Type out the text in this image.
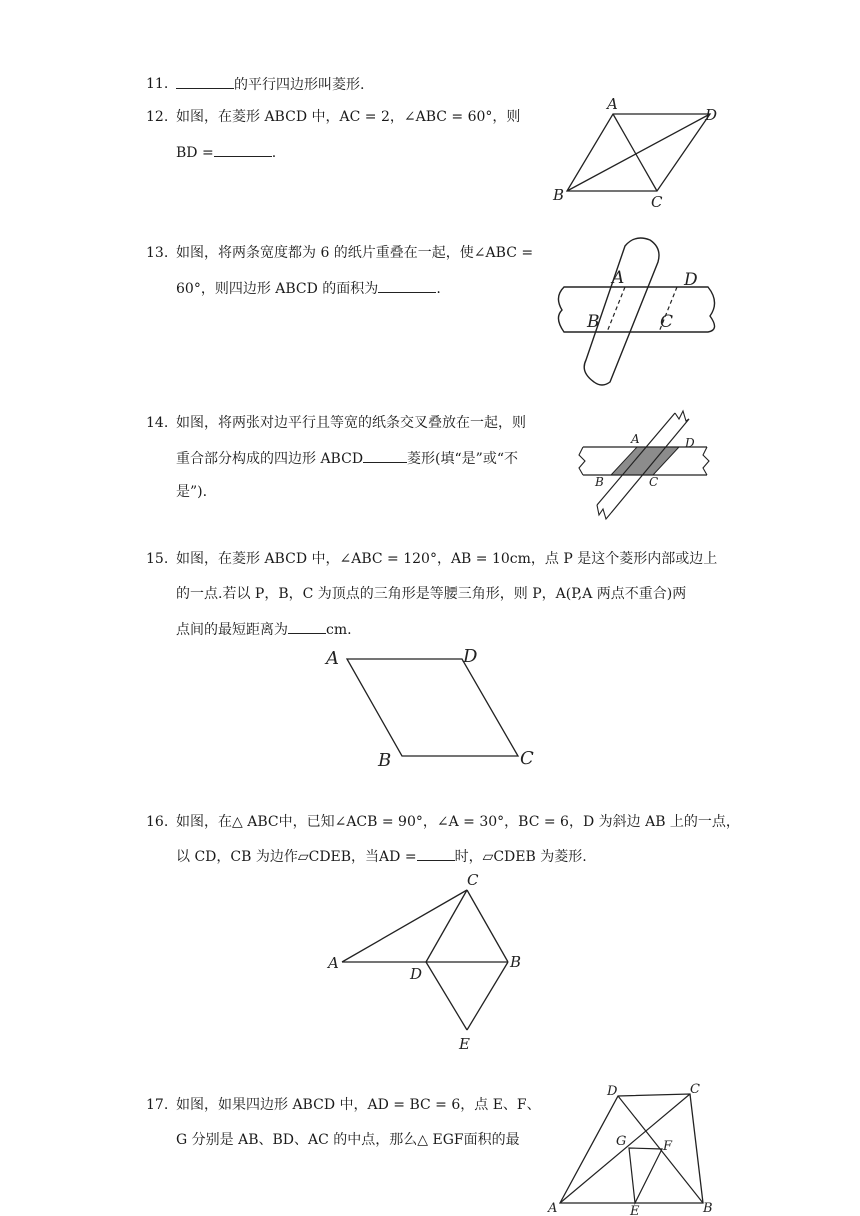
11.	的平行四边形叫菱形.
12. 如图，在菱形 ABCD 中，AC = 2，∠ABC = 60°，则
BD =	.
A
D
B	C
13. 如图，将两条宽度都为 6 的纸片重叠在一起，使∠ABC =
60°，则四边形 ABCD 的面积为	.
A	D
B	C
14. 如图，将两张对边平行且等宽的纸条交叉叠放在一起，则
重合部分构成的四边形 ABCD	菱形(填“是”或“不
是”).
A	D
B	C
15. 如图，在菱形 ABCD 中，∠ABC = 120°，AB = 10cm，点 P 是这个菱形内部或边上
的一点.若以 P，B，C 为顶点的三角形是等腰三角形，则 P，A(P,A 两点不重合)两
点间的最短距离为	cm.
A	D
B	C
16. 如图，在△ ABC中，已知∠ACB = 90°，∠A = 30°，BC = 6，D 为斜边 AB 上的一点，
以 CD，CB 为边作▱CDEB，当AD =	时，▱CDEB 为菱形.
A
C
B
D
E
17. 如图，如果四边形 ABCD 中，AD = BC = 6，点 E、F、
G 分别是 AB、BD、AC 的中点，那么△ EGF面积的最
A
D	C
B
E
G	F
